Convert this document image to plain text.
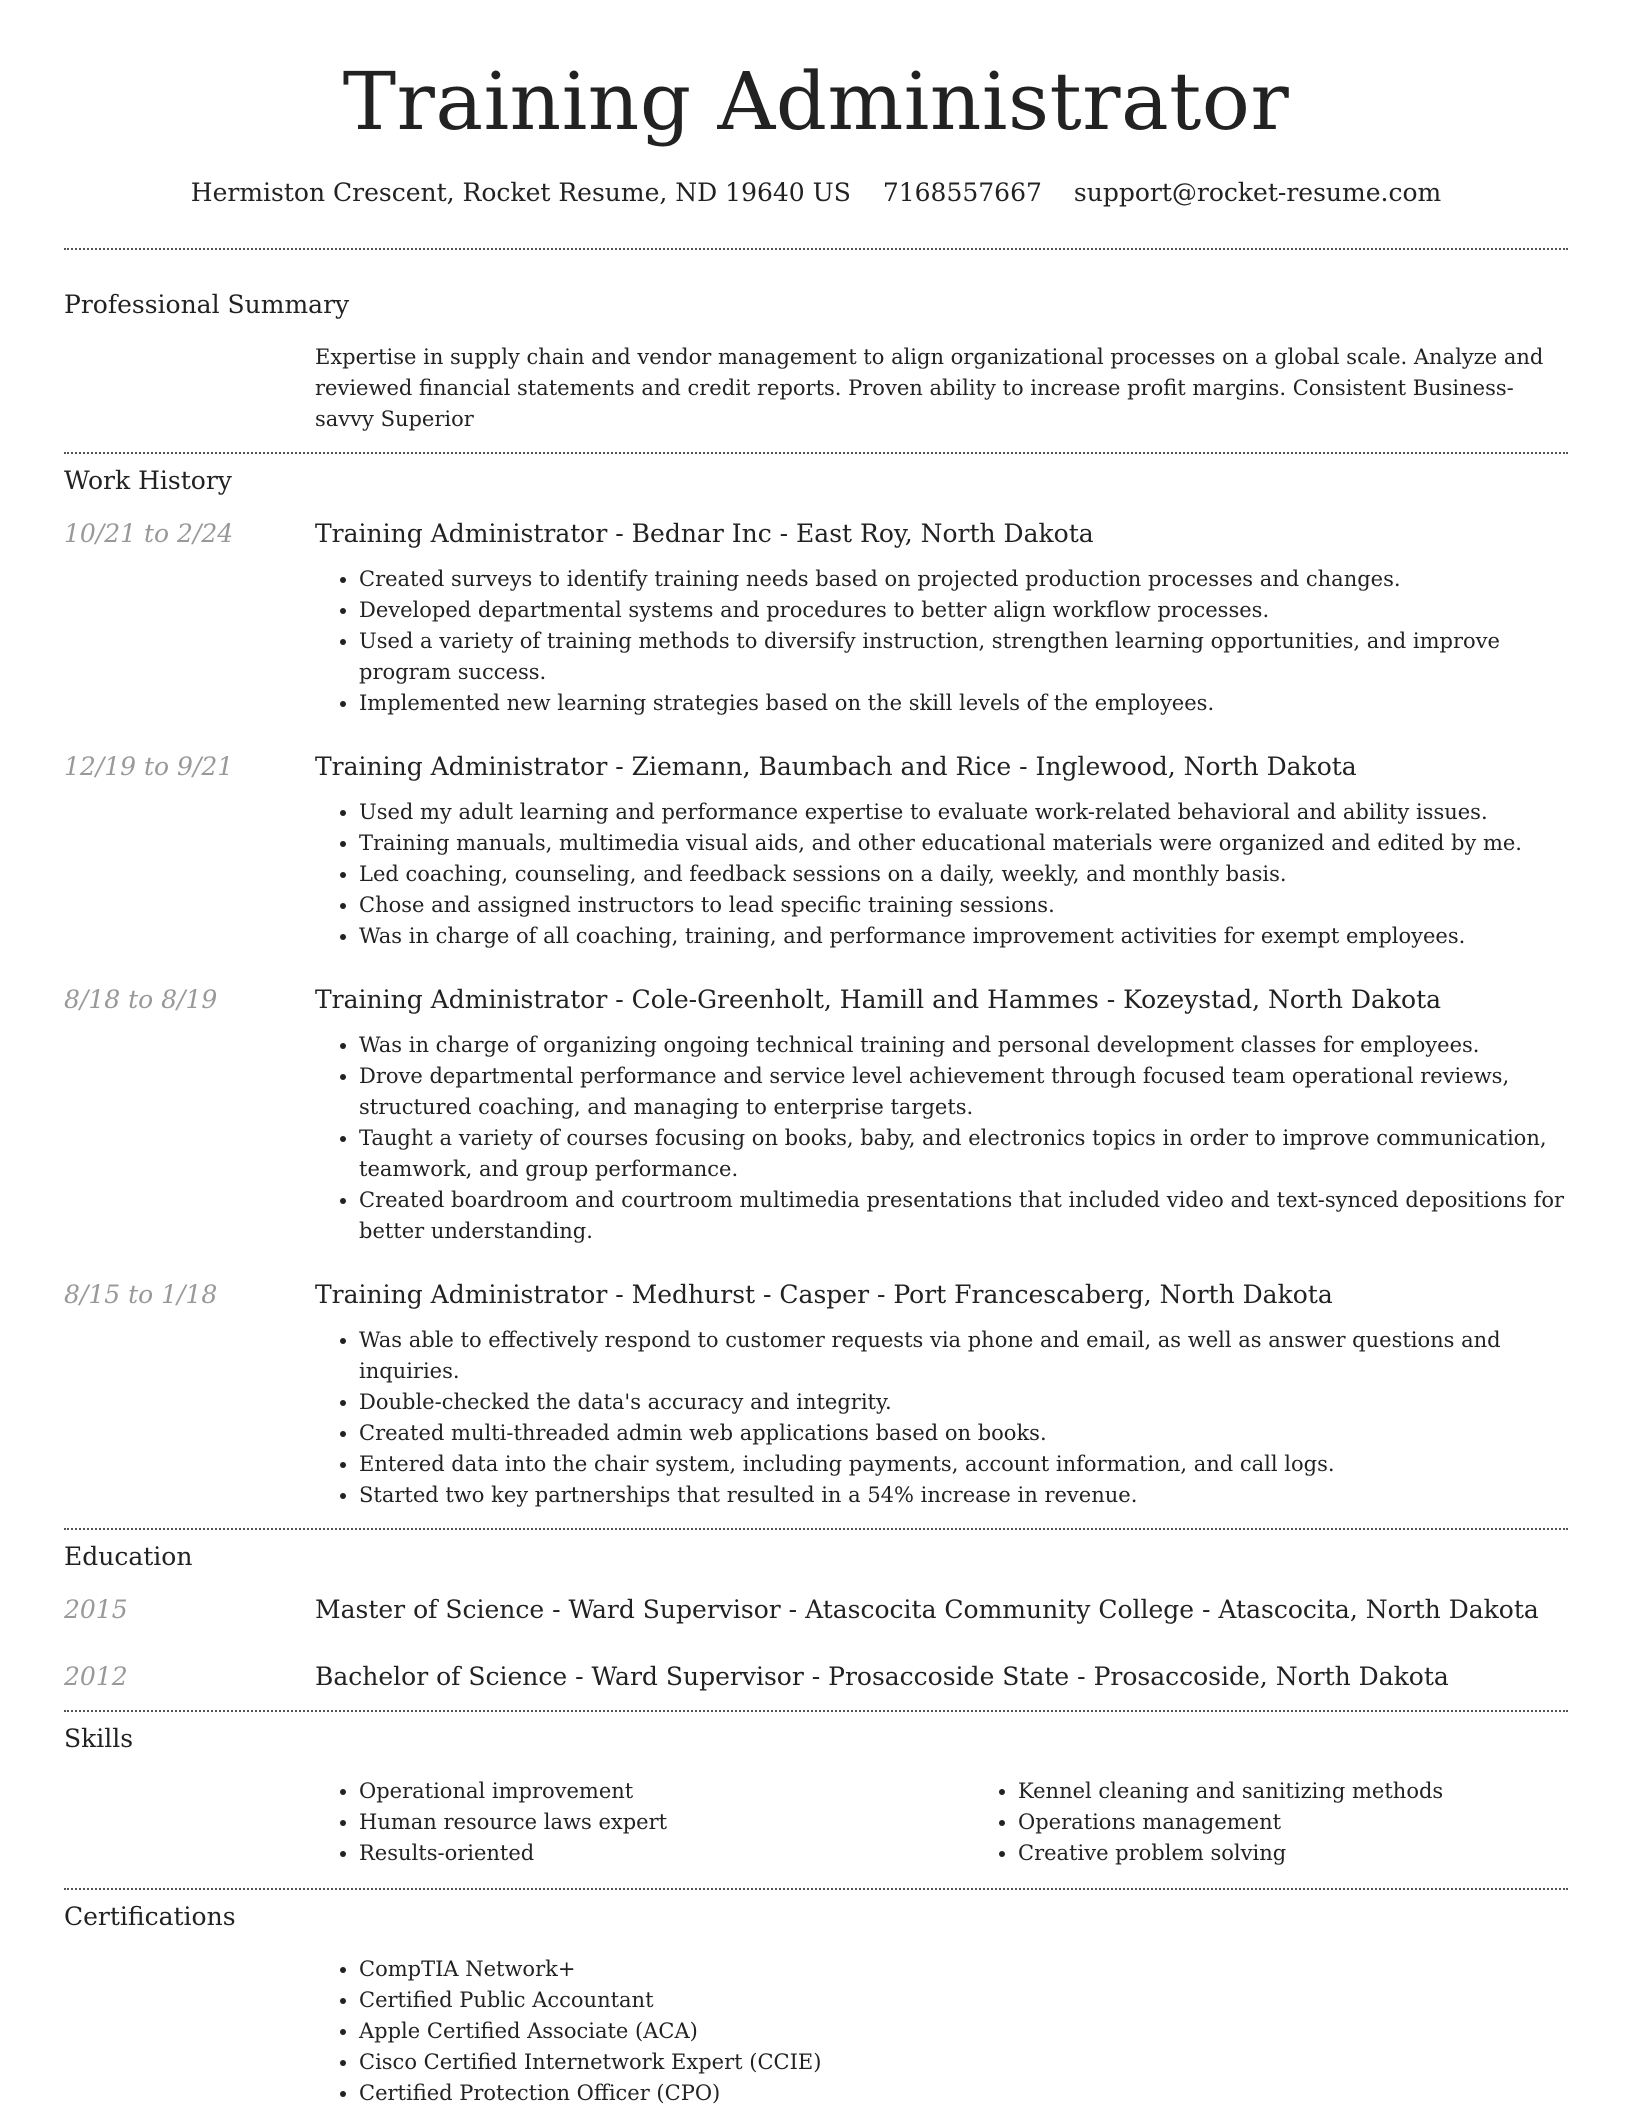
Training Administrator
Hermiston Crescent, Rocket Resume, ND 19640 US 7168557667 support@rocket-resume.com
Professional Summary
Expertise in supply chain and vendor management to align organizational processes on a global scale. Analyze and reviewed financial statements and credit reports. Proven ability to increase profit margins. Consistent Business-savvy Superior
Work History
10/21 to 2/24	Training Administrator - Bednar Inc - East Roy, North Dakota
• Created surveys to identify training needs based on projected production processes and changes.
• Developed departmental systems and procedures to better align workflow processes.
• Used a variety of training methods to diversify instruction, strengthen learning opportunities, and improve program success.
• Implemented new learning strategies based on the skill levels of the employees.
12/19 to 9/21	Training Administrator - Ziemann, Baumbach and Rice - Inglewood, North Dakota
• Used my adult learning and performance expertise to evaluate work-related behavioral and ability issues.
• Training manuals, multimedia visual aids, and other educational materials were organized and edited by me.
• Led coaching, counseling, and feedback sessions on a daily, weekly, and monthly basis.
• Chose and assigned instructors to lead specific training sessions.
• Was in charge of all coaching, training, and performance improvement activities for exempt employees.
8/18 to 8/19	Training Administrator - Cole-Greenholt, Hamill and Hammes - Kozeystad, North Dakota
• Was in charge of organizing ongoing technical training and personal development classes for employees.
• Drove departmental performance and service level achievement through focused team operational reviews, structured coaching, and managing to enterprise targets.
• Taught a variety of courses focusing on books, baby, and electronics topics in order to improve communication, teamwork, and group performance.
• Created boardroom and courtroom multimedia presentations that included video and text-synced depositions for better understanding.
8/15 to 1/18	Training Administrator - Medhurst - Casper - Port Francescaberg, North Dakota
• Was able to effectively respond to customer requests via phone and email, as well as answer questions and inquiries.
• Double-checked the data's accuracy and integrity.
• Created multi-threaded admin web applications based on books.
• Entered data into the chair system, including payments, account information, and call logs.
• Started two key partnerships that resulted in a 54% increase in revenue.
Education
2015	Master of Science - Ward Supervisor - Atascocita Community College - Atascocita, North Dakota
2012	Bachelor of Science - Ward Supervisor - Prosaccoside State - Prosaccoside, North Dakota
Skills
• Operational improvement
• Human resource laws expert
• Results-oriented
• Kennel cleaning and sanitizing methods
• Operations management
• Creative problem solving
Certifications
• CompTIA Network+
• Certified Public Accountant
• Apple Certified Associate (ACA)
• Cisco Certified Internetwork Expert (CCIE)
• Certified Protection Officer (CPO)
